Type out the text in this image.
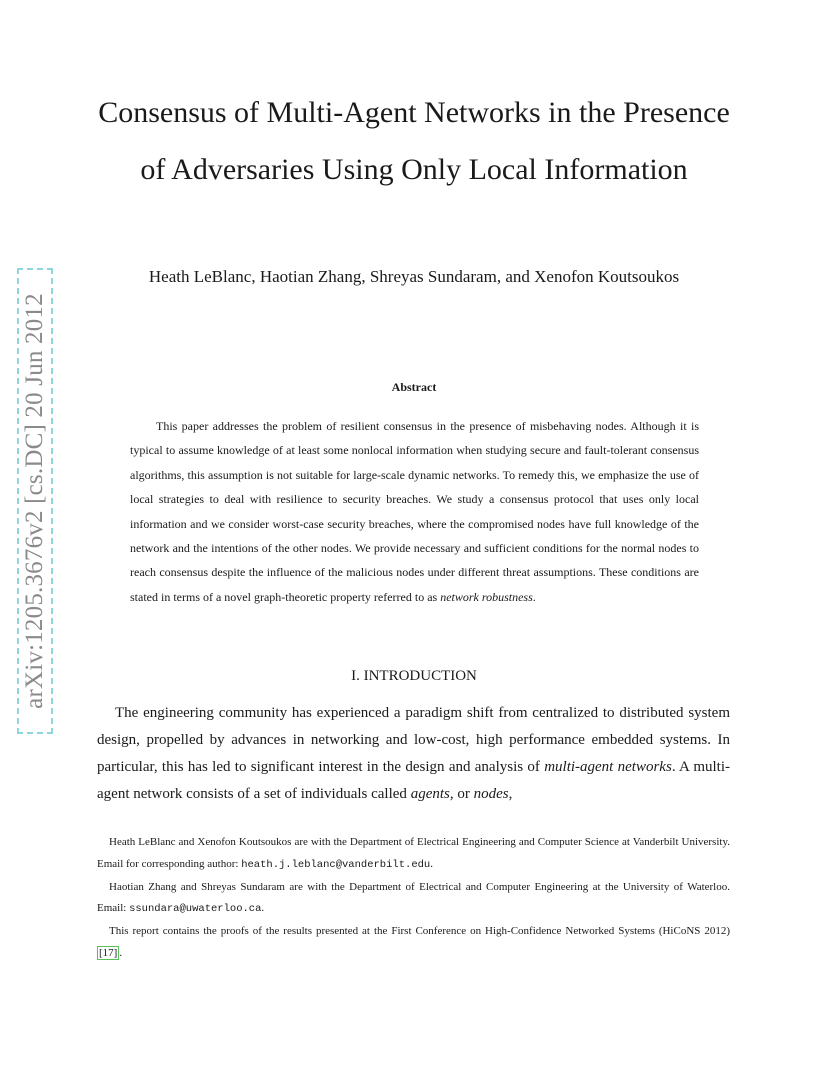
arXiv:1205.3676v2 [cs.DC] 20 Jun 2012
Consensus of Multi-Agent Networks in the Presence of Adversaries Using Only Local Information
Heath LeBlanc, Haotian Zhang, Shreyas Sundaram, and Xenofon Koutsoukos
Abstract

This paper addresses the problem of resilient consensus in the presence of misbehaving nodes. Although it is typical to assume knowledge of at least some nonlocal information when studying secure and fault-tolerant consensus algorithms, this assumption is not suitable for large-scale dynamic networks. To remedy this, we emphasize the use of local strategies to deal with resilience to security breaches. We study a consensus protocol that uses only local information and we consider worst-case security breaches, where the compromised nodes have full knowledge of the network and the intentions of the other nodes. We provide necessary and sufficient conditions for the normal nodes to reach consensus despite the influence of the malicious nodes under different threat assumptions. These conditions are stated in terms of a novel graph-theoretic property referred to as network robustness.

I. INTRODUCTION

The engineering community has experienced a paradigm shift from centralized to distributed system design, propelled by advances in networking and low-cost, high performance embedded systems. In particular, this has led to significant interest in the design and analysis of multi-agent networks. A multi-agent network consists of a set of individuals called agents, or nodes,

Heath LeBlanc and Xenofon Koutsoukos are with the Department of Electrical Engineering and Computer Science at Vanderbilt University. Email for corresponding author: heath.j.leblanc@vanderbilt.edu.

Haotian Zhang and Shreyas Sundaram are with the Department of Electrical and Computer Engineering at the University of Waterloo. Email: ssundara@uwaterloo.ca.

This report contains the proofs of the results presented at the First Conference on High-Confidence Networked Systems (HiCoNS 2012) [17] .
